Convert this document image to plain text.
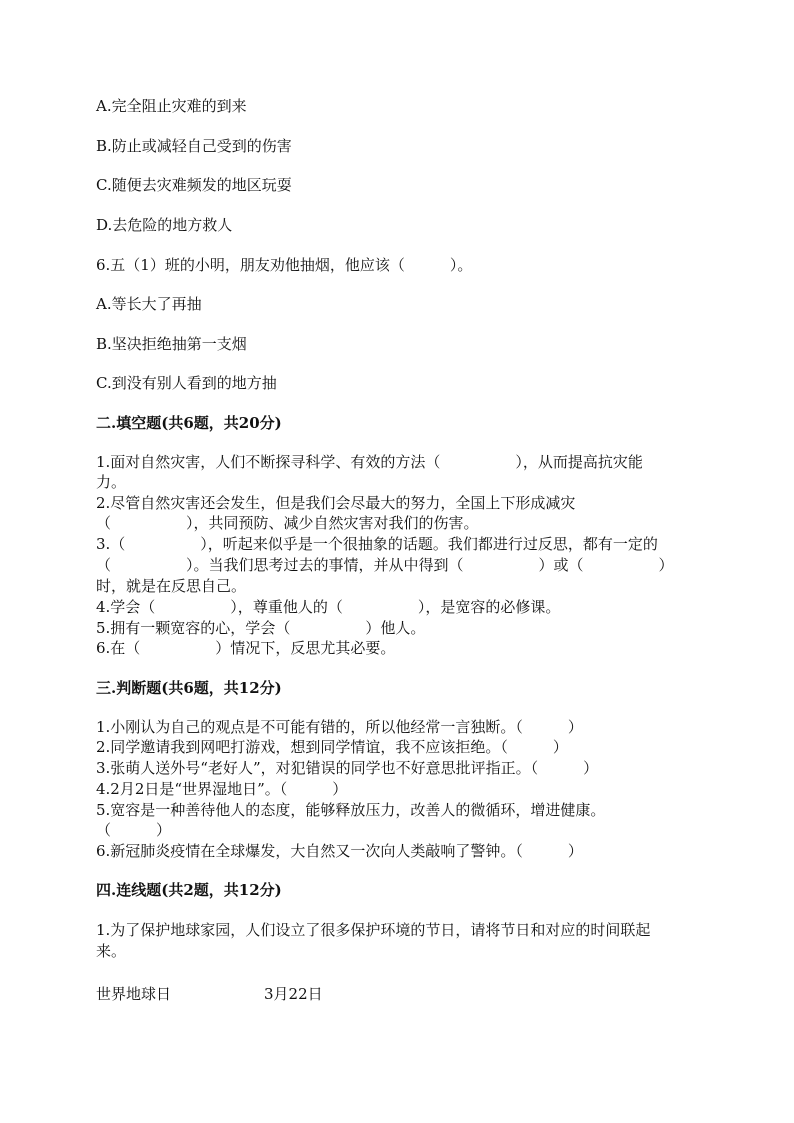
A.完全阻止灾难的到来

B.防止或减轻自己受到的伤害

C.随便去灾难频发的地区玩耍

D.去危险的地方救人

6.五（1）班的小明，朋友劝他抽烟，他应该（　　　）。

A.等长大了再抽

B.坚决拒绝抽第一支烟

C.到没有别人看到的地方抽

二.填空题(共6题，共20分)

1.面对自然灾害，人们不断探寻科学、有效的方法（　　　　　），从而提高抗灾能

力。

2.尽管自然灾害还会发生，但是我们会尽最大的努力，全国上下形成减灾

（　　　　　），共同预防、减少自然灾害对我们的伤害。

3.（　　　　　），听起来似乎是一个很抽象的话题。我们都进行过反思，都有一定的

（　　　　　）。当我们思考过去的事情，并从中得到（　　　　　）或（　　　　　）

时，就是在反思自己。

4.学会（　　　　　），尊重他人的（　　　　　），是宽容的必修课。

5.拥有一颗宽容的心，学会（　　　　　）他人。

6.在（　　　　　）情况下，反思尤其必要。

三.判断题(共6题，共12分)

1.小刚认为自己的观点是不可能有错的，所以他经常一言独断。（　　　）

2.同学邀请我到网吧打游戏，想到同学情谊，我不应该拒绝。（　　　）

3.张萌人送外号“老好人”，对犯错误的同学也不好意思批评指正。（　　　）

4.2月2日是“世界湿地日”。（　　　）

5.宽容是一种善待他人的态度，能够释放压力，改善人的微循环，增进健康。

（　　　）

6.新冠肺炎疫情在全球爆发，大自然又一次向人类敲响了警钟。（　　　）

四.连线题(共2题，共12分)

1.为了保护地球家园，人们设立了很多保护环境的节日，请将节日和对应的时间联起

来。

世界地球日	3月22日
